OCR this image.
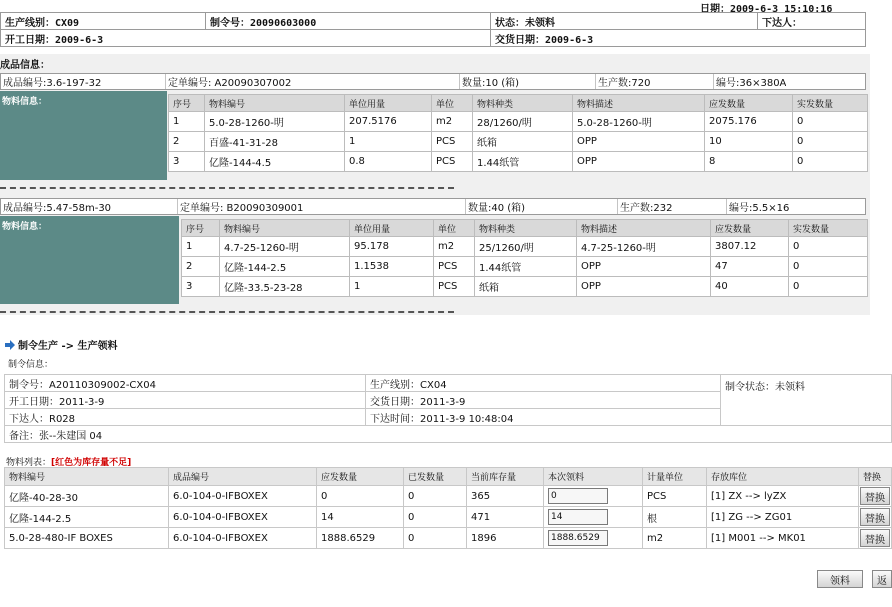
日期：2009-6-3 15:10:16
生产线别：CX09	制令号：20090603000	状态：未领料	下达人：
开工日期：2009-6-3		交货日期：2009-6-3	
成品信息：
成品编号:3.6-197-32	定单编号: A20090307002	数量:10 (箱)	生产数:720	编号:36×380A
物料信息：	序号	物料编号	单位用量	单位	物料种类	物料描述	应发数量	实发数量
1	5.0-28-1260-明	207.5176	m2	28/1260/明	5.0-28-1260-明	2075.176	0
2	百盛-41-31-28	1	PCS	纸箱	OPP	10	0
3	亿隆-144-4.5	0.8	PCS	1.44纸管	OPP	8	0
成品编号:5.47-58m-30	定单编号: B20090309001	数量:40 (箱)	生产数:232	编号:5.5×16
物料信息：	序号	物料编号	单位用量	单位	物料种类	物料描述	应发数量	实发数量
1	4.7-25-1260-明	95.178	m2	25/1260/明	4.7-25-1260-明	3807.12	0
2	亿隆-144-2.5	1.1538	PCS	1.44纸管	OPP	47	0
3	亿隆-33.5-23-28	1	PCS	纸箱	OPP	40	0
制令生产 -> 生产领料
制令信息：
制令号：A20110309002-CX04	生产线别：CX04	制令状态：未领料
开工日期：2011-3-9	交货日期：2011-3-9	
下达人：R028	下达时间：2011-3-9 10:48:04	
备注：张--朱建国 04		
物料列表：[红色为库存量不足]
物料编号	成品编号	应发数量	已发数量	当前库存量	本次领料	计量单位	存放库位	替换
亿隆-40-28-30	6.0-104-0-IFBOXEX	0	0	365	0	PCS	[1] ZX --> lyZX	替换
亿隆-144-2.5	6.0-104-0-IFBOXEX	14	0	471	14	根	[1] ZG --> ZG01	替换
5.0-28-480-IF BOXES	6.0-104-0-IFBOXEX	1888.6529	0	1896	1888.6529	m2	[1] M001 --> MK01	替换
领料	返
